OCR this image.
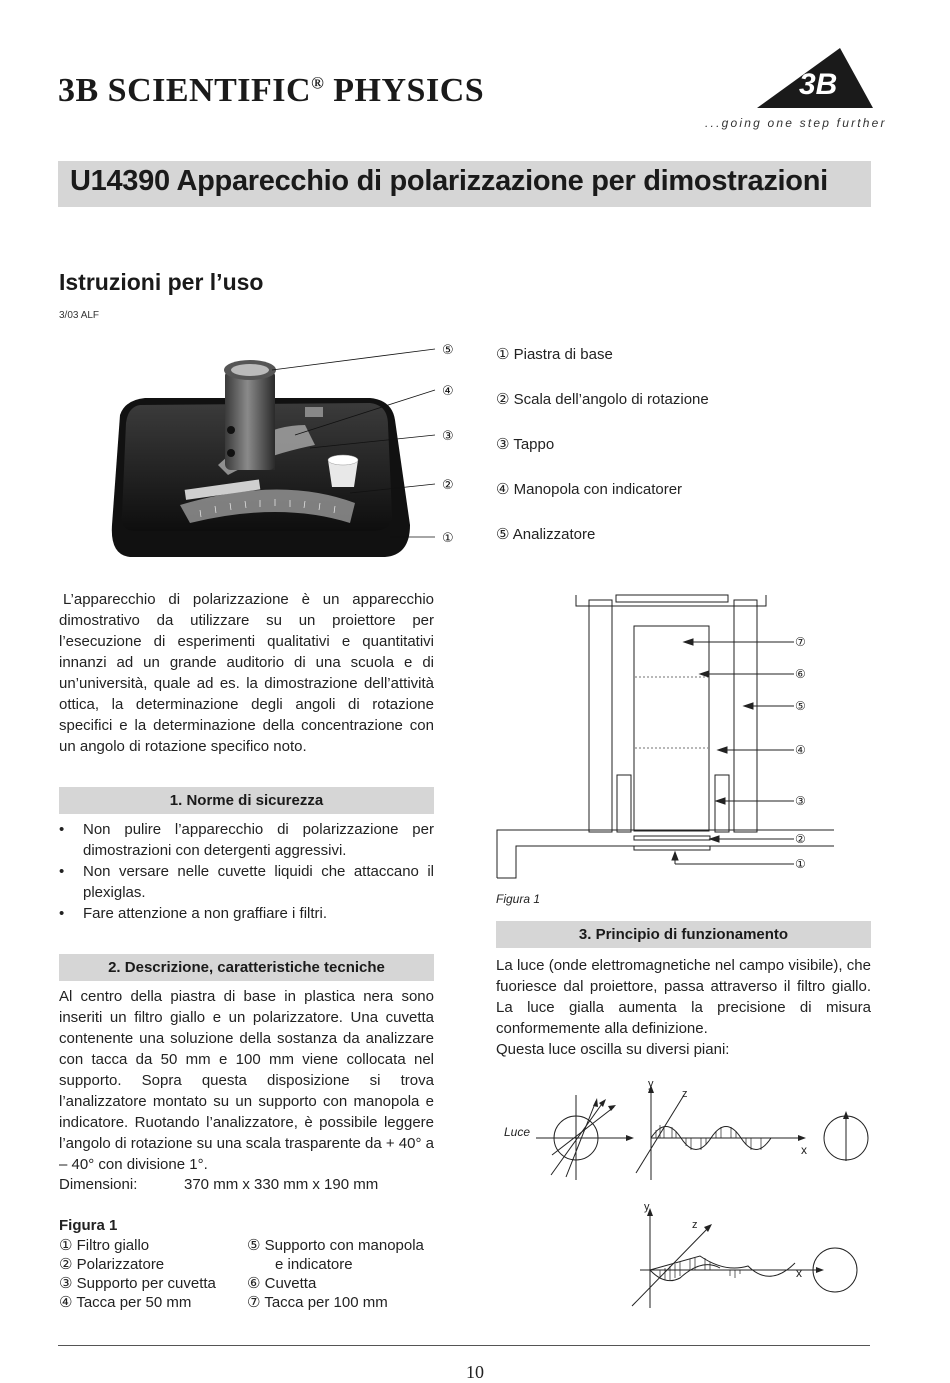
3B SCIENTIFIC® PHYSICS	3B
...going one step further
U14390 Apparecchio di polarizzazione per dimostrazioni
Istruzioni per l’uso
3/03 ALF
⑤
④
③
②
①
① Piastra di base
② Scala dell’angolo di rotazione
③ Tappo
④ Manopola con indicatorer
⑤ Analizzatore
L’apparecchio di polarizzazione è un apparecchio dimostrativo da utilizzare su un proiettore per l’esecuzione di esperimenti qualitativi e quantitativi innanzi ad un grande auditorio di una scuola e di un’università, quale ad es. la dimostrazione dell’attività ottica, la determinazione degli angoli di rotazione specifici e la determinazione della concentrazione con un angolo di rotazione specifico noto.
1. Norme di sicurezza
• Non pulire l’apparecchio di polarizzazione per dimostrazioni con detergenti aggressivi.
• Non versare nelle cuvette liquidi che attaccano il plexiglas.
• Fare attenzione a non graffiare i filtri.
2. Descrizione, caratteristiche tecniche
Al centro della piastra di base in plastica nera sono inseriti un filtro giallo e un polarizzatore. Una cuvetta contenente una soluzione della sostanza da analizzare con tacca da 50 mm e 100 mm viene collocata nel supporto. Sopra questa disposizione si trova l’analizzatore montato su un supporto con manopola e indicatore. Ruotando l’analizzatore, è possibile leggere l’angolo di rotazione su una scala trasparente da + 40° a – 40° con divisione 1°.
Dimensioni:	370 mm x 330 mm x 190 mm
Figura 1
① Filtro giallo
② Polarizzatore
③ Supporto per cuvetta
④ Tacca per 50 mm
⑤ Supporto con manopola
e indicatore
⑥ Cuvetta
⑦ Tacca per 100 mm
⑦
⑥
⑤
④
③
②
①
Figura 1
3. Principio di funzionamento
La luce (onde elettromagnetiche nel campo visibile), che fuoriesce dal proiettore, passa attraverso il filtro giallo. La luce gialla aumenta la precisione di misura conformemente alla definizione.
Questa luce oscilla su diversi piani:
Luce
y
z
x
y
z
x
10
